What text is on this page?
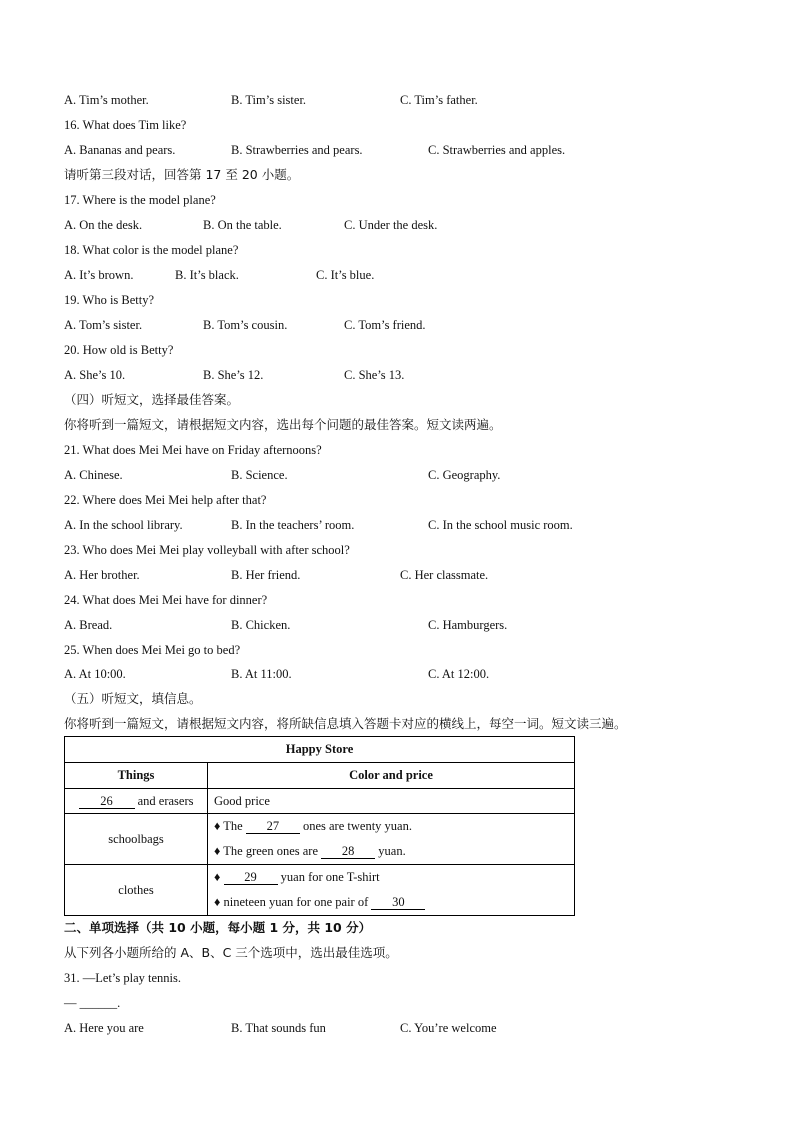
A. Tim’s mother.	B. Tim’s sister.	C. Tim’s father.
16. What does Tim like?
A. Bananas and pears.	B. Strawberries and pears.	C. Strawberries and apples.
请听第三段对话，回答第 17 至 20 小题。
17. Where is the model plane?
A. On the desk.	B. On the table.	C. Under the desk.
18. What color is the model plane?
A. It’s brown.	B. It’s black.	C. It’s blue.
19. Who is Betty?
A. Tom’s sister.	B. Tom’s cousin.	C. Tom’s friend.
20. How old is Betty?
A. She’s 10.	B. She’s 12.	C. She’s 13.
（四）听短文，选择最佳答案。
你将听到一篇短文，请根据短文内容，选出每个问题的最佳答案。短文读两遍。
21. What does Mei Mei have on Friday afternoons?
A. Chinese.	B. Science.	C. Geography.
22. Where does Mei Mei help after that?
A. In the school library.	B. In the teachers’ room.	C. In the school music room.
23. Who does Mei Mei play volleyball with after school?
A. Her brother.	B. Her friend.	C. Her classmate.
24. What does Mei Mei have for dinner?
A. Bread.	B. Chicken.	C. Hamburgers.
25. When does Mei Mei go to bed?
A. At 10:00.	B. At 11:00.	C. At 12:00.
（五）听短文，填信息。
你将听到一篇短文，请根据短文内容，将所缺信息填入答题卡对应的横线上，每空一词。短文读三遍。
Happy Store	
Things	Color and price
26 and erasers	Good price
schoolbags	♦ The 27 ones are twenty yuan.
♦ The green ones are 28 yuan.

clothes	♦ 29 yuan for one T-shirt
♦ nineteen yuan for one pair of 30
二、单项选择（共 10 小题，每小题 1 分，共 10 分）
从下列各小题所给的 A、B、C 三个选项中，选出最佳选项。
31. —Let’s play tennis.
— ______.
A. Here you are	B. That sounds fun	C. You’re welcome
